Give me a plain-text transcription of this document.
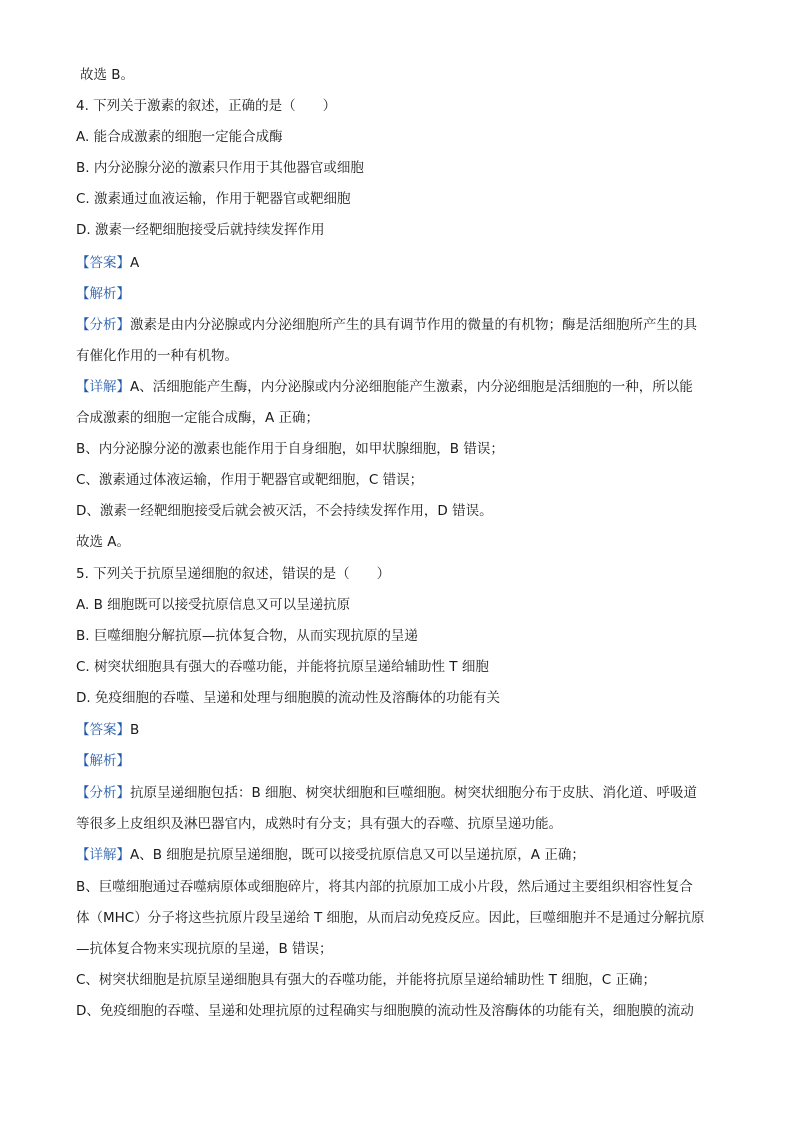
故选 B。
4. 下列关于激素的叙述，正确的是（　　）
A. 能合成激素的细胞一定能合成酶
B. 内分泌腺分泌的激素只作用于其他器官或细胞
C. 激素通过血液运输，作用于靶器官或靶细胞
D. 激素一经靶细胞接受后就持续发挥作用
【答案】A
【解析】
【分析】激素是由内分泌腺或内分泌细胞所产生的具有调节作用的微量的有机物；酶是活细胞所产生的具
有催化作用的一种有机物。
【详解】A、活细胞能产生酶，内分泌腺或内分泌细胞能产生激素，内分泌细胞是活细胞的一种，所以能
合成激素的细胞一定能合成酶，A 正确；
B、内分泌腺分泌的激素也能作用于自身细胞，如甲状腺细胞，B 错误；
C、激素通过体液运输，作用于靶器官或靶细胞，C 错误；
D、激素一经靶细胞接受后就会被灭活，不会持续发挥作用，D 错误。
故选 A。
5. 下列关于抗原呈递细胞的叙述，错误的是（　　）
A. B 细胞既可以接受抗原信息又可以呈递抗原
B. 巨噬细胞分解抗原—抗体复合物，从而实现抗原的呈递
C. 树突状细胞具有强大的吞噬功能，并能将抗原呈递给辅助性 T 细胞
D. 免疫细胞的吞噬、呈递和处理与细胞膜的流动性及溶酶体的功能有关
【答案】B
【解析】
【分析】抗原呈递细胞包括：B 细胞、树突状细胞和巨噬细胞。树突状细胞分布于皮肤、消化道、呼吸道
等很多上皮组织及淋巴器官内，成熟时有分支；具有强大的吞噬、抗原呈递功能。
【详解】A、B 细胞是抗原呈递细胞，既可以接受抗原信息又可以呈递抗原，A 正确；
B、巨噬细胞通过吞噬病原体或细胞碎片，将其内部的抗原加工成小片段，然后通过主要组织相容性复合
体（MHC）分子将这些抗原片段呈递给 T 细胞，从而启动免疫反应。因此，巨噬细胞并不是通过分解抗原
—抗体复合物来实现抗原的呈递，B 错误；
C、树突状细胞是抗原呈递细胞具有强大的吞噬功能，并能将抗原呈递给辅助性 T 细胞，C 正确；
D、免疫细胞的吞噬、呈递和处理抗原的过程确实与细胞膜的流动性及溶酶体的功能有关，细胞膜的流动
